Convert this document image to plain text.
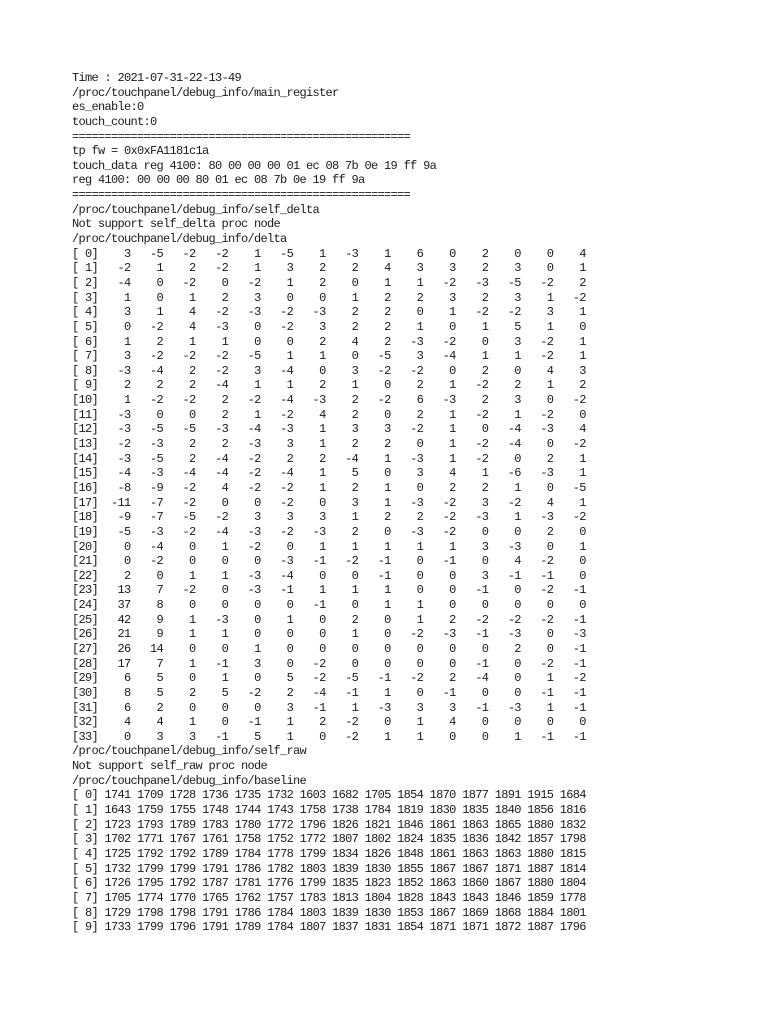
Time : 2021-07-31-22-13-49
/proc/touchpanel/debug_info/main_register
es_enable:0
touch_count:0
====================================================
tp fw = 0x0xFA1181c1a
touch_data reg 4100: 80 00 00 00 01 ec 08 7b 0e 19 ff 9a
reg 4100: 00 00 00 80 01 ec 08 7b 0e 19 ff 9a
====================================================
/proc/touchpanel/debug_info/self_delta
Not support self_delta proc node
/proc/touchpanel/debug_info/delta
[ 0]    3   -5   -2   -2    1   -5    1   -3    1    6    0    2    0    0    4
[ 1]   -2    1    2   -2    1    3    2    2    4    3    3    2    3    0    1
[ 2]   -4    0   -2    0   -2    1    2    0    1    1   -2   -3   -5   -2    2
[ 3]    1    0    1    2    3    0    0    1    2    2    3    2    3    1   -2
[ 4]    3    1    4   -2   -3   -2   -3    2    2    0    1   -2   -2    3    1
[ 5]    0   -2    4   -3    0   -2    3    2    2    1    0    1    5    1    0
[ 6]    1    2    1    1    0    0    2    4    2   -3   -2    0    3   -2    1
[ 7]    3   -2   -2   -2   -5    1    1    0   -5    3   -4    1    1   -2    1
[ 8]   -3   -4    2   -2    3   -4    0    3   -2   -2    0    2    0    4    3
[ 9]    2    2    2   -4    1    1    2    1    0    2    1   -2    2    1    2
[10]    1   -2   -2    2   -2   -4   -3    2   -2    6   -3    2    3    0   -2
[11]   -3    0    0    2    1   -2    4    2    0    2    1   -2    1   -2    0
[12]   -3   -5   -5   -3   -4   -3    1    3    3   -2    1    0   -4   -3    4
[13]   -2   -3    2    2   -3    3    1    2    2    0    1   -2   -4    0   -2
[14]   -3   -5    2   -4   -2    2    2   -4    1   -3    1   -2    0    2    1
[15]   -4   -3   -4   -4   -2   -4    1    5    0    3    4    1   -6   -3    1
[16]   -8   -9   -2    4   -2   -2    1    2    1    0    2    2    1    0   -5
[17]  -11   -7   -2    0    0   -2    0    3    1   -3   -2    3   -2    4    1
[18]   -9   -7   -5   -2    3    3    3    1    2    2   -2   -3    1   -3   -2
[19]   -5   -3   -2   -4   -3   -2   -3    2    0   -3   -2    0    0    2    0
[20]    0   -4    0    1   -2    0    1    1    1    1    1    3   -3    0    1
[21]    0   -2    0    0    0   -3   -1   -2   -1    0   -1    0    4   -2    0
[22]    2    0    1    1   -3   -4    0    0   -1    0    0    3   -1   -1    0
[23]   13    7   -2    0   -3   -1    1    1    1    0    0   -1    0   -2   -1
[24]   37    8    0    0    0    0   -1    0    1    1    0    0    0    0    0
[25]   42    9    1   -3    0    1    0    2    0    1    2   -2   -2   -2   -1
[26]   21    9    1    1    0    0    0    1    0   -2   -3   -1   -3    0   -3
[27]   26   14    0    0    1    0    0    0    0    0    0    0    2    0   -1
[28]   17    7    1   -1    3    0   -2    0    0    0    0   -1    0   -2   -1
[29]    6    5    0    1    0    5   -2   -5   -1   -2    2   -4    0    1   -2
[30]    8    5    2    5   -2    2   -4   -1    1    0   -1    0    0   -1   -1
[31]    6    2    0    0    0    3   -1    1   -3    3    3   -1   -3    1   -1
[32]    4    4    1    0   -1    1    2   -2    0    1    4    0    0    0    0
[33]    0    3    3   -1    5    1    0   -2    1    1    0    0    1   -1   -1
/proc/touchpanel/debug_info/self_raw
Not support self_raw proc node
/proc/touchpanel/debug_info/baseline
[ 0] 1741 1709 1728 1736 1735 1732 1603 1682 1705 1854 1870 1877 1891 1915 1684
[ 1] 1643 1759 1755 1748 1744 1743 1758 1738 1784 1819 1830 1835 1840 1856 1816
[ 2] 1723 1793 1789 1783 1780 1772 1796 1826 1821 1846 1861 1863 1865 1880 1832
[ 3] 1702 1771 1767 1761 1758 1752 1772 1807 1802 1824 1835 1836 1842 1857 1798
[ 4] 1725 1792 1792 1789 1784 1778 1799 1834 1826 1848 1861 1863 1863 1880 1815
[ 5] 1732 1799 1799 1791 1786 1782 1803 1839 1830 1855 1867 1867 1871 1887 1814
[ 6] 1726 1795 1792 1787 1781 1776 1799 1835 1823 1852 1863 1860 1867 1880 1804
[ 7] 1705 1774 1770 1765 1762 1757 1783 1813 1804 1828 1843 1843 1846 1859 1778
[ 8] 1729 1798 1798 1791 1786 1784 1803 1839 1830 1853 1867 1869 1868 1884 1801
[ 9] 1733 1799 1796 1791 1789 1784 1807 1837 1831 1854 1871 1871 1872 1887 1796
